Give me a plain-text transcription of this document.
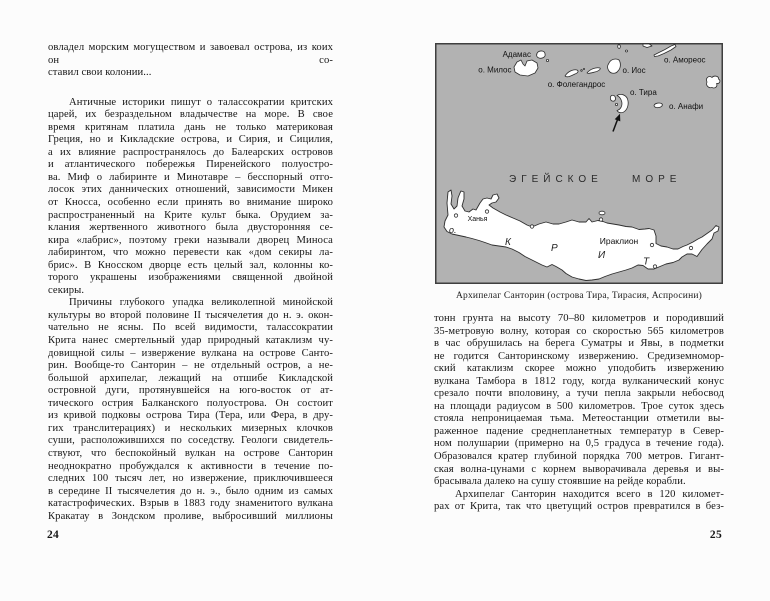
овладел морским могуществом и завоевал острова, из коих он со-
ставил свои колонии...
Античные историки пишут о талассократии критских
царей, их безраздельном владычестве на море. В свое
время критянам платила дань не только материковая
Греция, но и Кикладские острова, и Сирия, и Сицилия,
а их влияние распространялось до Балеарских островов
и атлантического побережья Пиренейского полуостро-
ва. Миф о лабиринте и Минотавре – бесспорный отго-
лосок этих даннических отношений, зависимости Микен
от Кносса, особенно если принять во внимание широко
распространенный на Крите культ быка. Орудием за-
клания жертвенного животного была двусторонняя се-
кира «лабрис», поэтому греки называли дворец Миноса
лабиринтом, что можно перевести как «дом секиры ла-
брис». В Кносском дворце есть целый зал, колонны ко-
торого украшены изображениями священной двойной
секиры.
Причины глубокого упадка великолепной минойской
культуры во второй половине II тысячелетия до н. э. окон-
чательно не ясны. По всей видимости, талассократии
Крита нанес смертельный удар природный катаклизм чу-
довищной силы – извержение вулкана на острове Санто-
рин. Вообще-то Санторин – не отдельный остров, а не-
большой архипелаг, лежащий на отшибе Кикладской
островной дуги, протянувшейся на юго-восток от ат-
тического острия Балканского полуострова. Он состоит
из кривой подковы острова Тира (Тера, или Фера, в дру-
гих транслитерациях) и нескольких мизерных клочков
суши, расположившихся по соседству. Геологи свидетель-
ствуют, что беспокойный вулкан на острове Санторин
неоднократно пробуждался к активности в течение по-
следних 100 тысяч лет, но извержение, приключившееся
в середине II тысячелетия до н. э., было одним из самых
катастрофических. Взрыв в 1883 году знаменитого вулкана
Кракатау в Зондском проливе, выбросивший миллионы
24
Адамас
о. Милос
о. Фолегандрос
о. Иос
о. Амореос
о. Тира
о. Анафи
ЭГЕЙСКОЕ	МОРЕ
Ханья
Ираклион
о.
К
Р
И
Т
Архипелаг Санторин (острова Тира, Тирасия, Аспросини)
тонн грунта на высоту 70–80 километров и породивший
35-метровую волну, которая со скоростью 565 километров
в час обрушилась на берега Суматры и Явы, в подметки
не годится Санторинскому извержению. Средиземномор-
ский катаклизм скорее можно уподобить извержению
вулкана Тамбора в 1812 году, когда вулканический конус
срезало почти вполовину, а тучи пепла закрыли небосвод
на площади радиусом в 500 километров. Трое суток здесь
стояла непроницаемая тьма. Метеостанции отметили вы-
раженное падение среднепланетных температур в Север-
ном полушарии (примерно на 0,5 градуса в течение года).
Образовался кратер глубиной порядка 700 метров. Гигант-
ская волна-цунами с корнем выворачивала деревья и вы-
брасывала далеко на сушу стоявшие на рейде корабли.
Архипелаг Санторин находится всего в 120 километ-
рах от Крита, так что цветущий остров превратился в без-
25
